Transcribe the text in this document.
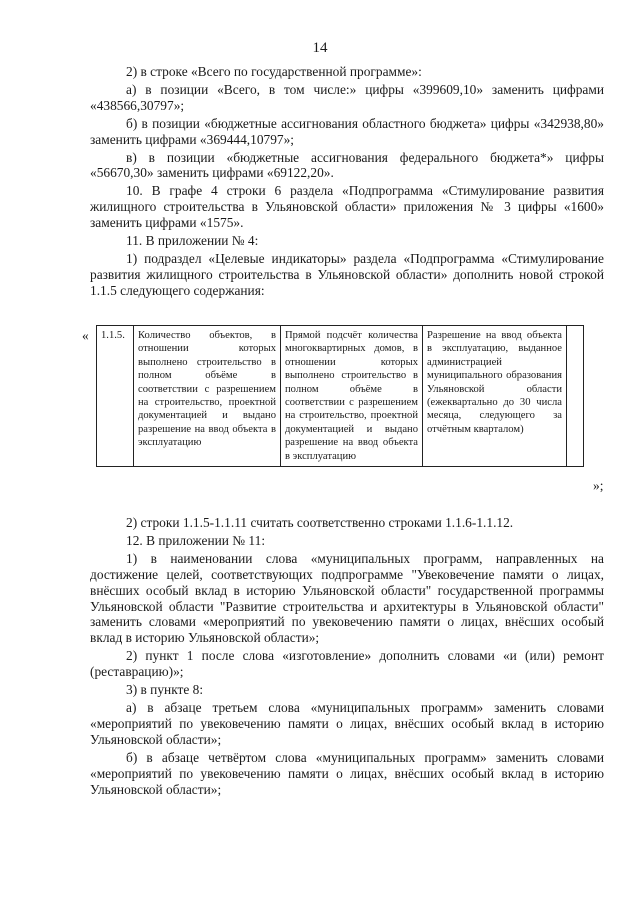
14

2) в строке «Всего по государственной программе»:

а) в позиции «Всего, в том числе:» цифры «399609,10» заменить цифрами «438566,30797»;

б) в позиции «бюджетные ассигнования областного бюджета» цифры «342938,80» заменить цифрами «369444,10797»;

в) в позиции «бюджетные ассигнования федерального бюджета*» цифры «56670,30» заменить цифрами «69122,20».

10. В графе 4 строки 6 раздела «Подпрограмма «Стимулирование развития жилищного строительства в Ульяновской области» приложения № 3 цифры «1600» заменить цифрами «1575».

11. В приложении № 4:

1) подраздел «Целевые индикаторы» раздела «Подпрограмма «Стимулирование развития жилищного строительства в Ульяновской области» дополнить новой строкой 1.1.5 следующего содержания:

« 1.1.5.	Количество объектов, в отношении которых выполнено строительство в полном объёме в соответствии с разрешением на строительство, проектной документацией и выдано разрешение на ввод объекта в эксплуатацию	Прямой подсчёт количества многоквартирных домов, в отношении которых выполнено строительство в полном объёме в соответствии с разрешением на строительство, проектной документацией и выдано разрешение на ввод объекта в эксплуатацию	Разрешение на ввод объекта в эксплуатацию, выданное администрацией муниципального образования Ульяновской области (ежеквартально до 30 числа месяца, следующего за отчётным кварталом)	
»;

2) строки 1.1.5-1.1.11 считать соответственно строками 1.1.6-1.1.12.

12. В приложении № 11:

1) в наименовании слова «муниципальных программ, направленных на достижение целей, соответствующих подпрограмме "Увековечение памяти о лицах, внёсших особый вклад в историю Ульяновской области" государственной программы Ульяновской области "Развитие строительства и архитектуры в Ульяновской области" заменить словами «мероприятий по увековечению памяти о лицах, внёсших особый вклад в историю Ульяновской области»;

2) пункт 1 после слова «изготовление» дополнить словами «и (или) ремонт (реставрацию)»;

3) в пункте 8:

а) в абзаце третьем слова «муниципальных программ» заменить словами «мероприятий по увековечению памяти о лицах, внёсших особый вклад в историю Ульяновской области»;

б) в абзаце четвёртом слова «муниципальных программ» заменить словами «мероприятий по увековечению памяти о лицах, внёсших особый вклад в историю Ульяновской области»;
